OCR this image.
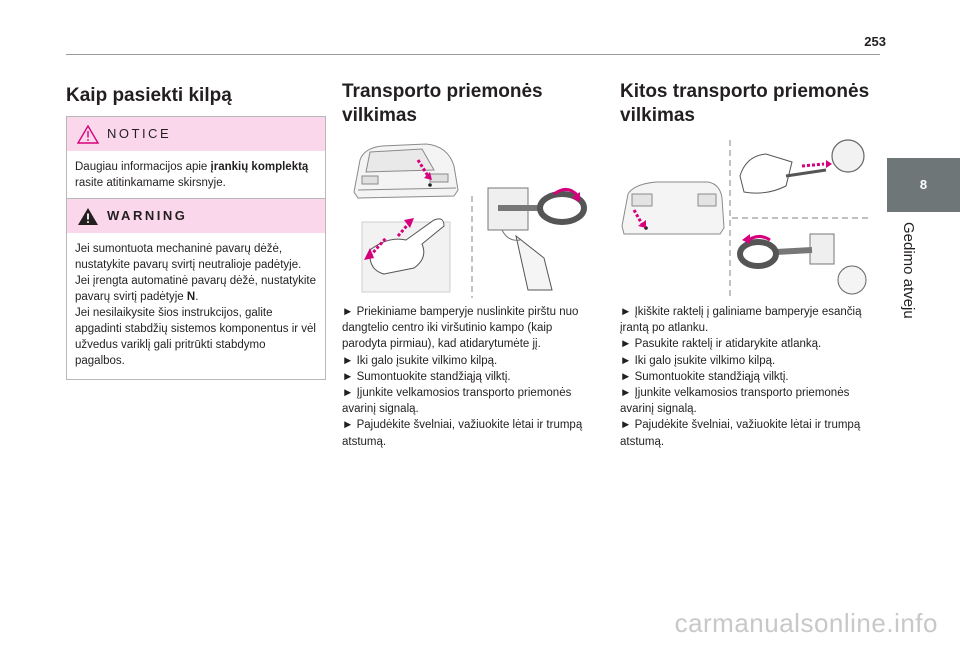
253
8
Gedimo atveju
Kaip pasiekti kilpą
NOTICE
Daugiau informacijos apie įrankių komplektą rasite atitinkamame skirsnyje.
WARNING
Jei sumontuota mechaninė pavarų dėžė, nustatykite pavarų svirtį neutralioje padėtyje.
Jei įrengta automatinė pavarų dėžė, nustatykite pavarų svirtį padėtyje N.
Jei nesilaikysite šios instrukcijos, galite apgadinti stabdžių sistemos komponentus ir vėl užvedus variklį gali pritrūkti stabdymo pagalbos.
Transporto priemonės
vilkimas
► Priekiniame bamperyje nuslinkite pirštu nuo dangtelio centro iki viršutinio kampo (kaip parodyta pirmiau), kad atidarytumėte jį.
► Iki galo įsukite vilkimo kilpą.
► Sumontuokite standžiąją vilktį.
► Įjunkite velkamosios transporto priemonės avarinį signalą.
► Pajudėkite švelniai, važiuokite lėtai ir trumpą atstumą.
Kitos transporto priemonės
vilkimas
► Įkiškite raktelį į galiniame bamperyje esančią įrantą po atlanku.
► Pasukite raktelį ir atidarykite atlanką.
► Iki galo įsukite vilkimo kilpą.
► Sumontuokite standžiąją vilktį.
► Įjunkite velkamosios transporto priemonės avarinį signalą.
► Pajudėkite švelniai, važiuokite lėtai ir trumpą atstumą.
carmanualsonline.info
